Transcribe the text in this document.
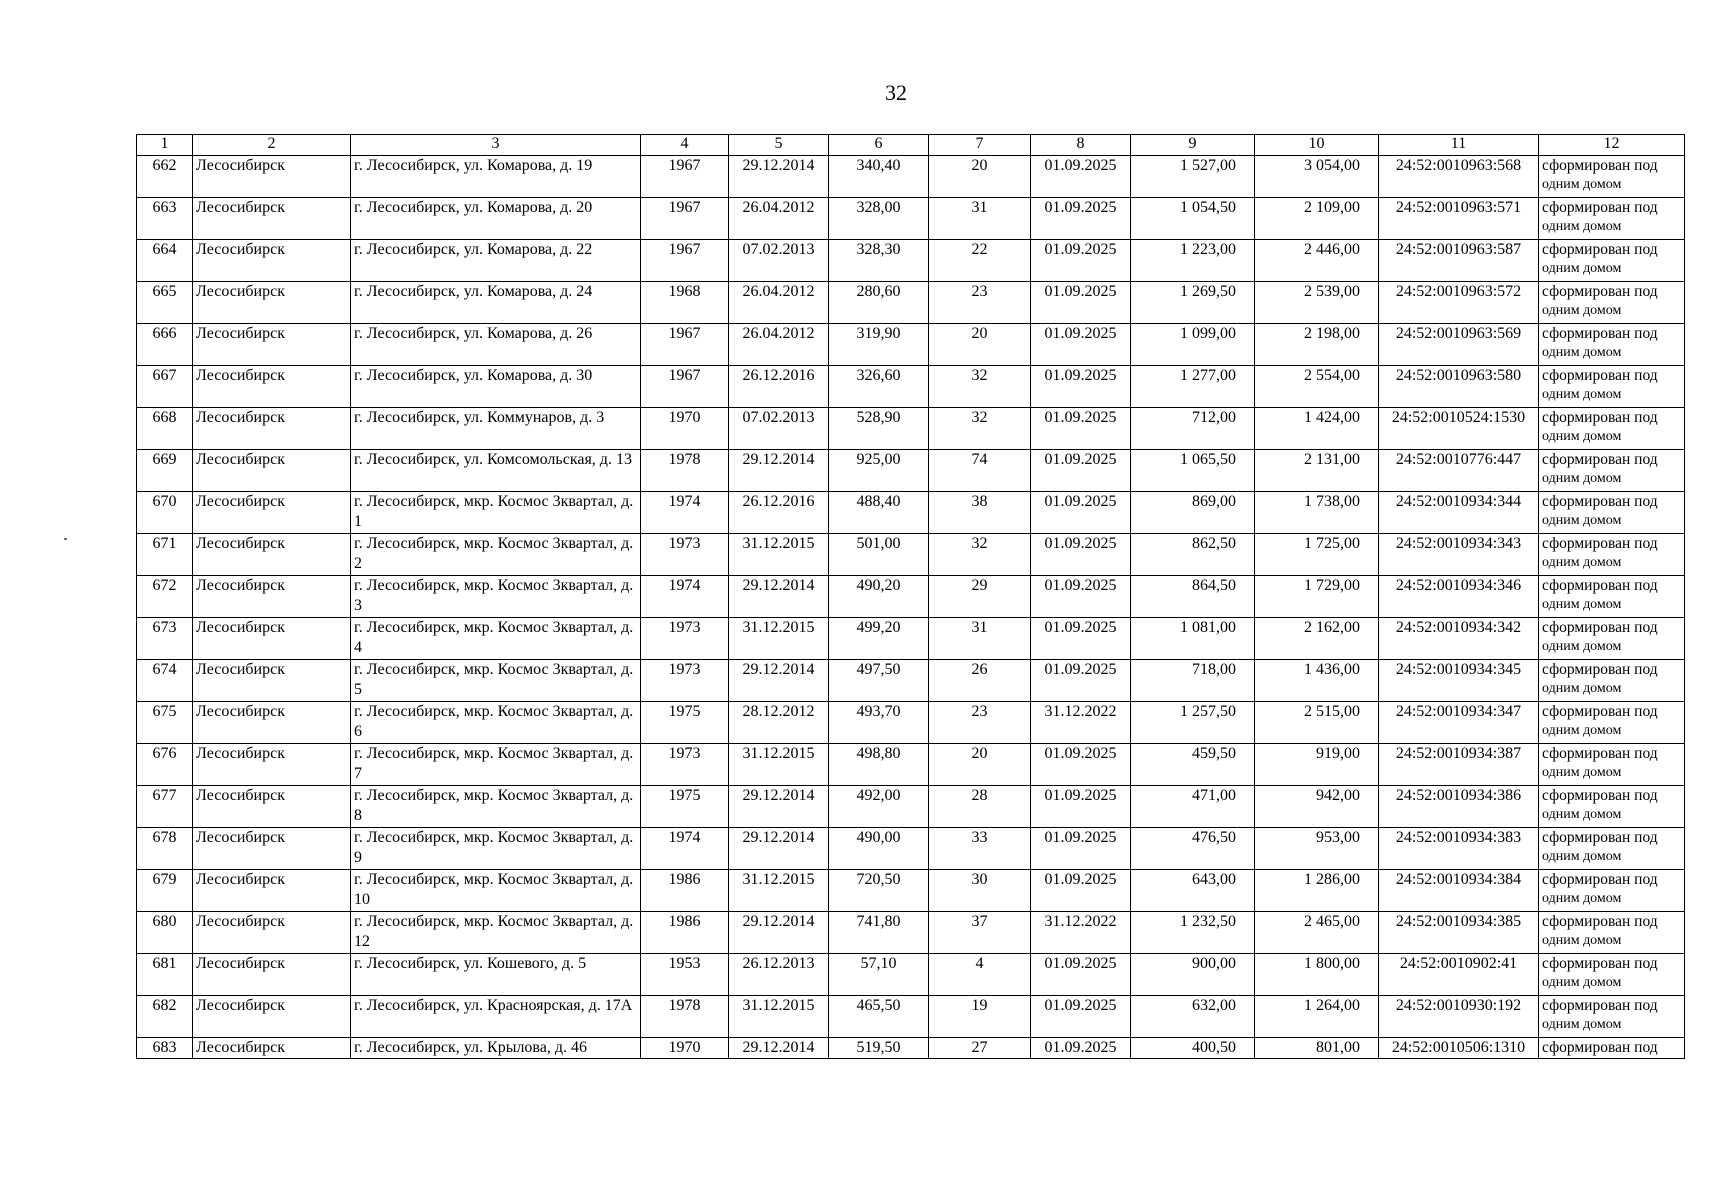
32
1	2	3	4	5	6	7	8	9	10	11	12
662	Лесосибирск	г. Лесосибирск, ул. Комарова, д. 19	1967	29.12.2014	340,40	20	01.09.2025	1 527,00	3 054,00	24:52:0010963:568	сформирован под
одним домом

663	Лесосибирск	г. Лесосибирск, ул. Комарова, д. 20	1967	26.04.2012	328,00	31	01.09.2025	1 054,50	2 109,00	24:52:0010963:571	сформирован под
одним домом

664	Лесосибирск	г. Лесосибирск, ул. Комарова, д. 22	1967	07.02.2013	328,30	22	01.09.2025	1 223,00	2 446,00	24:52:0010963:587	сформирован под
одним домом

665	Лесосибирск	г. Лесосибирск, ул. Комарова, д. 24	1968	26.04.2012	280,60	23	01.09.2025	1 269,50	2 539,00	24:52:0010963:572	сформирован под
одним домом

666	Лесосибирск	г. Лесосибирск, ул. Комарова, д. 26	1967	26.04.2012	319,90	20	01.09.2025	1 099,00	2 198,00	24:52:0010963:569	сформирован под
одним домом

667	Лесосибирск	г. Лесосибирск, ул. Комарова, д. 30	1967	26.12.2016	326,60	32	01.09.2025	1 277,00	2 554,00	24:52:0010963:580	сформирован под
одним домом

668	Лесосибирск	г. Лесосибирск, ул. Коммунаров, д. 3	1970	07.02.2013	528,90	32	01.09.2025	712,00	1 424,00	24:52:0010524:1530	сформирован под
одним домом

669	Лесосибирск	г. Лесосибирск, ул. Комсомольская, д. 13	1978	29.12.2014	925,00	74	01.09.2025	1 065,50	2 131,00	24:52:0010776:447	сформирован под
одним домом

670	Лесосибирск	г. Лесосибирск, мкр. Космос 3квартал, д. 1	1974	26.12.2016	488,40	38	01.09.2025	869,00	1 738,00	24:52:0010934:344	сформирован под
одним домом

671	Лесосибирск	г. Лесосибирск, мкр. Космос 3квартал, д. 2	1973	31.12.2015	501,00	32	01.09.2025	862,50	1 725,00	24:52:0010934:343	сформирован под
одним домом

672	Лесосибирск	г. Лесосибирск, мкр. Космос 3квартал, д. 3	1974	29.12.2014	490,20	29	01.09.2025	864,50	1 729,00	24:52:0010934:346	сформирован под
одним домом

673	Лесосибирск	г. Лесосибирск, мкр. Космос 3квартал, д. 4	1973	31.12.2015	499,20	31	01.09.2025	1 081,00	2 162,00	24:52:0010934:342	сформирован под
одним домом

674	Лесосибирск	г. Лесосибирск, мкр. Космос 3квартал, д. 5	1973	29.12.2014	497,50	26	01.09.2025	718,00	1 436,00	24:52:0010934:345	сформирован под
одним домом

675	Лесосибирск	г. Лесосибирск, мкр. Космос 3квартал, д. 6	1975	28.12.2012	493,70	23	31.12.2022	1 257,50	2 515,00	24:52:0010934:347	сформирован под
одним домом

676	Лесосибирск	г. Лесосибирск, мкр. Космос 3квартал, д. 7	1973	31.12.2015	498,80	20	01.09.2025	459,50	919,00	24:52:0010934:387	сформирован под
одним домом

677	Лесосибирск	г. Лесосибирск, мкр. Космос 3квартал, д. 8	1975	29.12.2014	492,00	28	01.09.2025	471,00	942,00	24:52:0010934:386	сформирован под
одним домом

678	Лесосибирск	г. Лесосибирск, мкр. Космос 3квартал, д. 9	1974	29.12.2014	490,00	33	01.09.2025	476,50	953,00	24:52:0010934:383	сформирован под
одним домом

679	Лесосибирск	г. Лесосибирск, мкр. Космос 3квартал, д. 10	1986	31.12.2015	720,50	30	01.09.2025	643,00	1 286,00	24:52:0010934:384	сформирован под
одним домом

680	Лесосибирск	г. Лесосибирск, мкр. Космос 3квартал, д. 12	1986	29.12.2014	741,80	37	31.12.2022	1 232,50	2 465,00	24:52:0010934:385	сформирован под
одним домом

681	Лесосибирск	г. Лесосибирск, ул. Кошевого, д. 5	1953	26.12.2013	57,10	4	01.09.2025	900,00	1 800,00	24:52:0010902:41	сформирован под
одним домом

682	Лесосибирск	г. Лесосибирск, ул. Красноярская, д. 17А	1978	31.12.2015	465,50	19	01.09.2025	632,00	1 264,00	24:52:0010930:192	сформирован под
одним домом

683	Лесосибирск	г. Лесосибирск, ул. Крылова, д. 46	1970	29.12.2014	519,50	27	01.09.2025	400,50	801,00	24:52:0010506:1310	сформирован под
